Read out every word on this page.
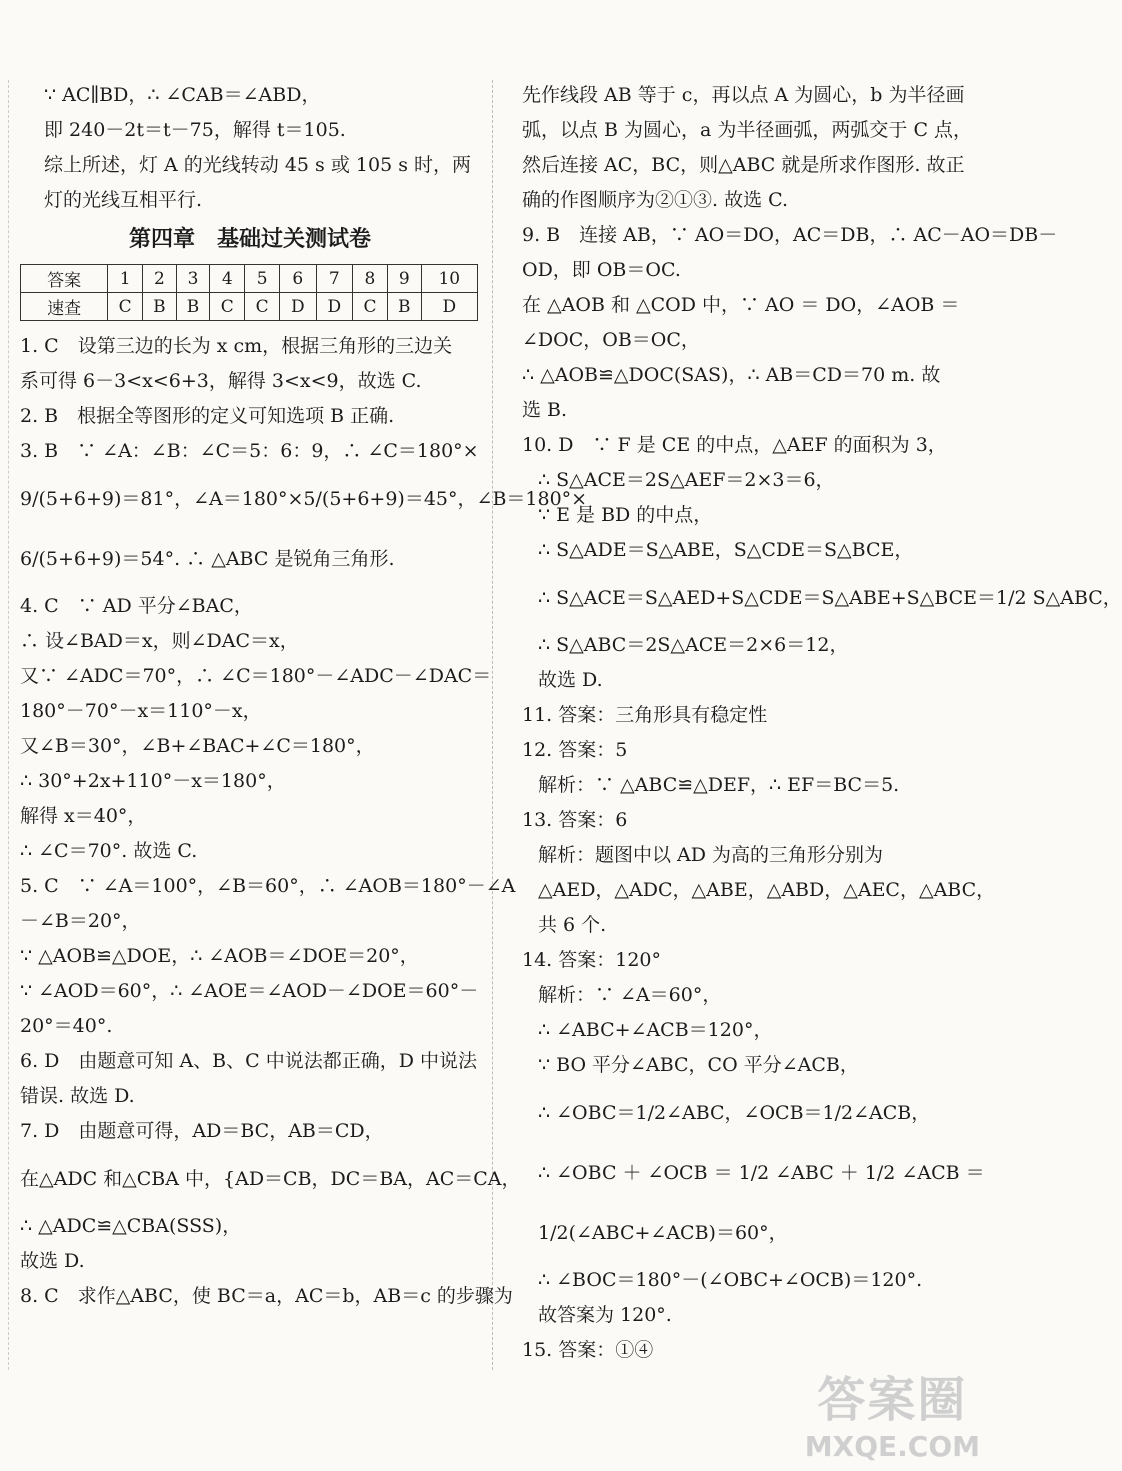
∵ AC∥BD，∴ ∠CAB＝∠ABD，
即 240－2t＝t－75，解得 t＝105.
综上所述，灯 A 的光线转动 45 s 或 105 s 时，两
灯的光线互相平行.
第四章　基础过关测试卷
答案	1	2	3	4	5	6	7	8	9	10
速查	C	B	B	C	C	D	D	C	B	D
1. C　设第三边的长为 x cm，根据三角形的三边关
系可得 6－3<x<6+3，解得 3<x<9，故选 C.
2. B　根据全等图形的定义可知选项 B 正确.
3. B　∵ ∠A：∠B：∠C＝5：6：9，∴ ∠C＝180°×
9/(5+6+9)＝81°，∠A＝180°×5/(5+6+9)＝45°，∠B＝180°×
6/(5+6+9)＝54°. ∴ △ABC 是锐角三角形.
4. C　∵ AD 平分∠BAC，
∴ 设∠BAD＝x，则∠DAC＝x，
又∵ ∠ADC＝70°，∴ ∠C＝180°－∠ADC－∠DAC＝
180°－70°－x＝110°－x，
又∠B＝30°，∠B+∠BAC+∠C＝180°，
∴ 30°+2x+110°－x＝180°，
解得 x＝40°，
∴ ∠C＝70°. 故选 C.
5. C　∵ ∠A＝100°，∠B＝60°，∴ ∠AOB＝180°－∠A
－∠B＝20°，
∵ △AOB≌△DOE，∴ ∠AOB＝∠DOE＝20°，
∵ ∠AOD＝60°，∴ ∠AOE＝∠AOD－∠DOE＝60°－
20°＝40°.
6. D　由题意可知 A、B、C 中说法都正确，D 中说法
错误. 故选 D.
7. D　由题意可得，AD＝BC，AB＝CD，
在△ADC 和△CBA 中，{AD＝CB，DC＝BA，AC＝CA，
∴ △ADC≌△CBA(SSS)，
故选 D.
8. C　求作△ABC，使 BC＝a，AC＝b，AB＝c 的步骤为
先作线段 AB 等于 c，再以点 A 为圆心，b 为半径画
弧，以点 B 为圆心，a 为半径画弧，两弧交于 C 点，
然后连接 AC，BC，则△ABC 就是所求作图形. 故正
确的作图顺序为②①③. 故选 C.
9. B　连接 AB，∵ AO＝DO，AC＝DB，∴ AC－AO＝DB－
OD，即 OB＝OC.
在 △AOB 和 △COD 中，∵ AO ＝ DO，∠AOB ＝
∠DOC，OB＝OC，
∴ △AOB≌△DOC(SAS)，∴ AB＝CD＝70 m. 故
选 B.
10. D　∵ F 是 CE 的中点，△AEF 的面积为 3，
∴ S△ACE＝2S△AEF＝2×3＝6，
∵ E 是 BD 的中点，
∴ S△ADE＝S△ABE，S△CDE＝S△BCE，
∴ S△ACE＝S△AED+S△CDE＝S△ABE+S△BCE＝1/2 S△ABC，
∴ S△ABC＝2S△ACE＝2×6＝12，
故选 D.
11. 答案：三角形具有稳定性
12. 答案：5
解析：∵ △ABC≌△DEF，∴ EF＝BC＝5.
13. 答案：6
解析：题图中以 AD 为高的三角形分别为
△AED，△ADC，△ABE，△ABD，△AEC，△ABC，
共 6 个.
14. 答案：120°
解析：∵ ∠A＝60°，
∴ ∠ABC+∠ACB＝120°，
∵ BO 平分∠ABC，CO 平分∠ACB，
∴ ∠OBC＝1/2∠ABC，∠OCB＝1/2∠ACB，
∴ ∠OBC ＋ ∠OCB ＝ 1/2 ∠ABC ＋ 1/2 ∠ACB ＝
1/2(∠ABC+∠ACB)＝60°，
∴ ∠BOC＝180°－(∠OBC+∠OCB)＝120°.
故答案为 120°.
15. 答案：①④
答案圈
MXQE.COM
